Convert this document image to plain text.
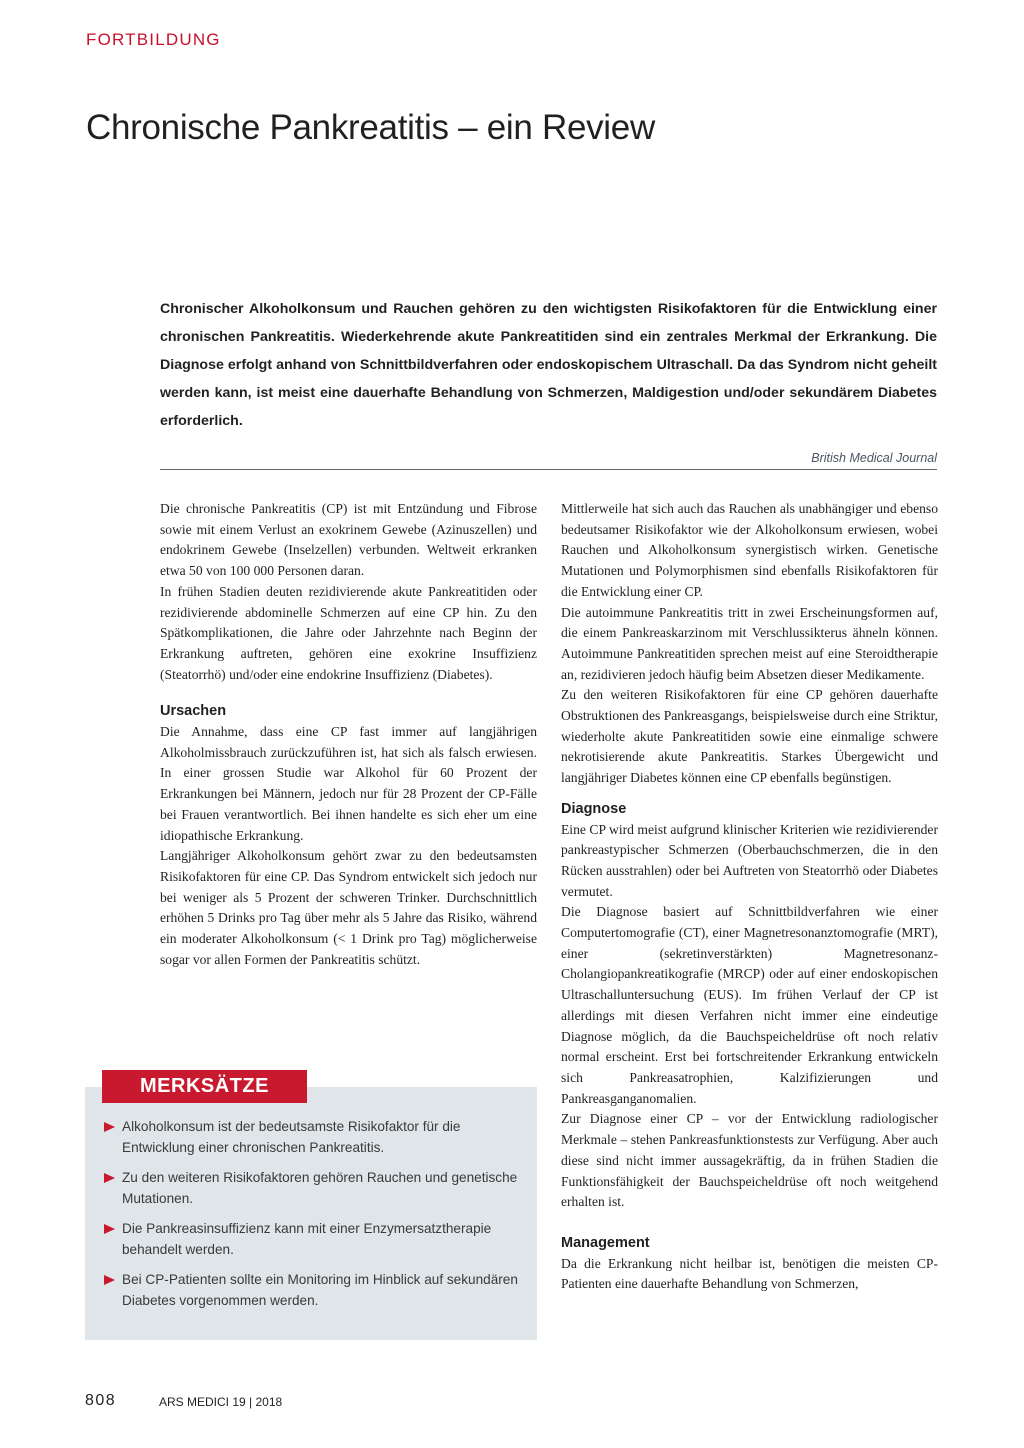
FORTBILDUNG
Chronische Pankreatitis – ein Review

Chronischer Alkoholkonsum und Rauchen gehören zu den wichtigsten Risikofaktoren für die Entwicklung einer chronischen Pankreatitis. Wiederkehrende akute Pankreatitiden sind ein zentrales Merkmal der Erkrankung. Die Diagnose erfolgt anhand von Schnittbildverfahren oder endoskopischem Ultraschall. Da das Syndrom nicht geheilt werden kann, ist meist eine dauerhafte Behandlung von Schmerzen, Maldigestion und/oder sekundärem Diabetes erforderlich.

British Medical Journal

Die chronische Pankreatitis (CP) ist mit Entzündung und Fibrose sowie mit einem Verlust an exokrinem Gewebe (Azinuszellen) und endokrinem Gewebe (Inselzellen) verbunden. Weltweit erkranken etwa 50 von 100 000 Personen daran.

In frühen Stadien deuten rezidivierende akute Pankreatitiden oder rezidivierende abdominelle Schmerzen auf eine CP hin. Zu den Spätkomplikationen, die Jahre oder Jahrzehnte nach Beginn der Erkrankung auftreten, gehören eine exokrine Insuffizienz (Steatorrhö) und/oder eine endokrine Insuffizienz (Diabetes).

Ursachen

Die Annahme, dass eine CP fast immer auf langjährigen Alkoholmissbrauch zurückzuführen ist, hat sich als falsch erwiesen. In einer grossen Studie war Alkohol für 60 Prozent der Erkrankungen bei Männern, jedoch nur für 28 Prozent der CP-Fälle bei Frauen verantwortlich. Bei ihnen handelte es sich eher um eine idiopathische Erkrankung.

Langjähriger Alkoholkonsum gehört zwar zu den bedeutsamsten Risikofaktoren für eine CP. Das Syndrom entwickelt sich jedoch nur bei weniger als 5 Prozent der schweren Trinker. Durchschnittlich erhöhen 5 Drinks pro Tag über mehr als 5 Jahre das Risiko, während ein moderater Alkoholkonsum (< 1 Drink pro Tag) möglicherweise sogar vor allen Formen der Pankreatitis schützt.

Mittlerweile hat sich auch das Rauchen als unabhängiger und ebenso bedeutsamer Risikofaktor wie der Alkoholkonsum erwiesen, wobei Rauchen und Alkoholkonsum synergistisch wirken. Genetische Mutationen und Polymorphismen sind ebenfalls Risikofaktoren für die Entwicklung einer CP.

Die autoimmune Pankreatitis tritt in zwei Erscheinungsformen auf, die einem Pankreaskarzinom mit Verschlussikterus ähneln können. Autoimmune Pankreatitiden sprechen meist auf eine Steroidtherapie an, rezidivieren jedoch häufig beim Absetzen dieser Medikamente.

Zu den weiteren Risikofaktoren für eine CP gehören dauerhafte Obstruktionen des Pankreasgangs, beispielsweise durch eine Striktur, wiederholte akute Pankreatitiden sowie eine einmalige schwere nekrotisierende akute Pankreatitis. Starkes Übergewicht und langjähriger Diabetes können eine CP ebenfalls begünstigen.

Diagnose

Eine CP wird meist aufgrund klinischer Kriterien wie rezidivierender pankreastypischer Schmerzen (Oberbauchschmerzen, die in den Rücken ausstrahlen) oder bei Auftreten von Steatorrhö oder Diabetes vermutet.

Die Diagnose basiert auf Schnittbildverfahren wie einer Computertomografie (CT), einer Magnetresonanztomografie (MRT), einer (sekretinverstärkten) Magnetresonanz-Cholangiopankreatikografie (MRCP) oder auf einer endoskopischen Ultraschalluntersuchung (EUS). Im frühen Verlauf der CP ist allerdings mit diesen Verfahren nicht immer eine eindeutige Diagnose möglich, da die Bauchspeicheldrüse oft noch relativ normal erscheint. Erst bei fortschreitender Erkrankung entwickeln sich Pankreasatrophien, Kalzifizierungen und Pankreasganganomalien.

Zur Diagnose einer CP – vor der Entwicklung radiologischer Merkmale – stehen Pankreasfunktionstests zur Verfügung. Aber auch diese sind nicht immer aussagekräftig, da in frühen Stadien die Funktionsfähigkeit der Bauchspeicheldrüse oft noch weitgehend erhalten ist.

Management

Da die Erkrankung nicht heilbar ist, benötigen die meisten CP-Patienten eine dauerhafte Behandlung von Schmerzen,

MERKSÄTZE
Alkoholkonsum ist der bedeutsamste Risikofaktor für die Entwicklung einer chronischen Pankreatitis.
Zu den weiteren Risikofaktoren gehören Rauchen und genetische Mutationen.
Die Pankreasinsuffizienz kann mit einer Enzymersatztherapie behandelt werden.
Bei CP-Patienten sollte ein Monitoring im Hinblick auf sekundären Diabetes vorgenommen werden.
808	ARS MEDICI 19 | 2018
